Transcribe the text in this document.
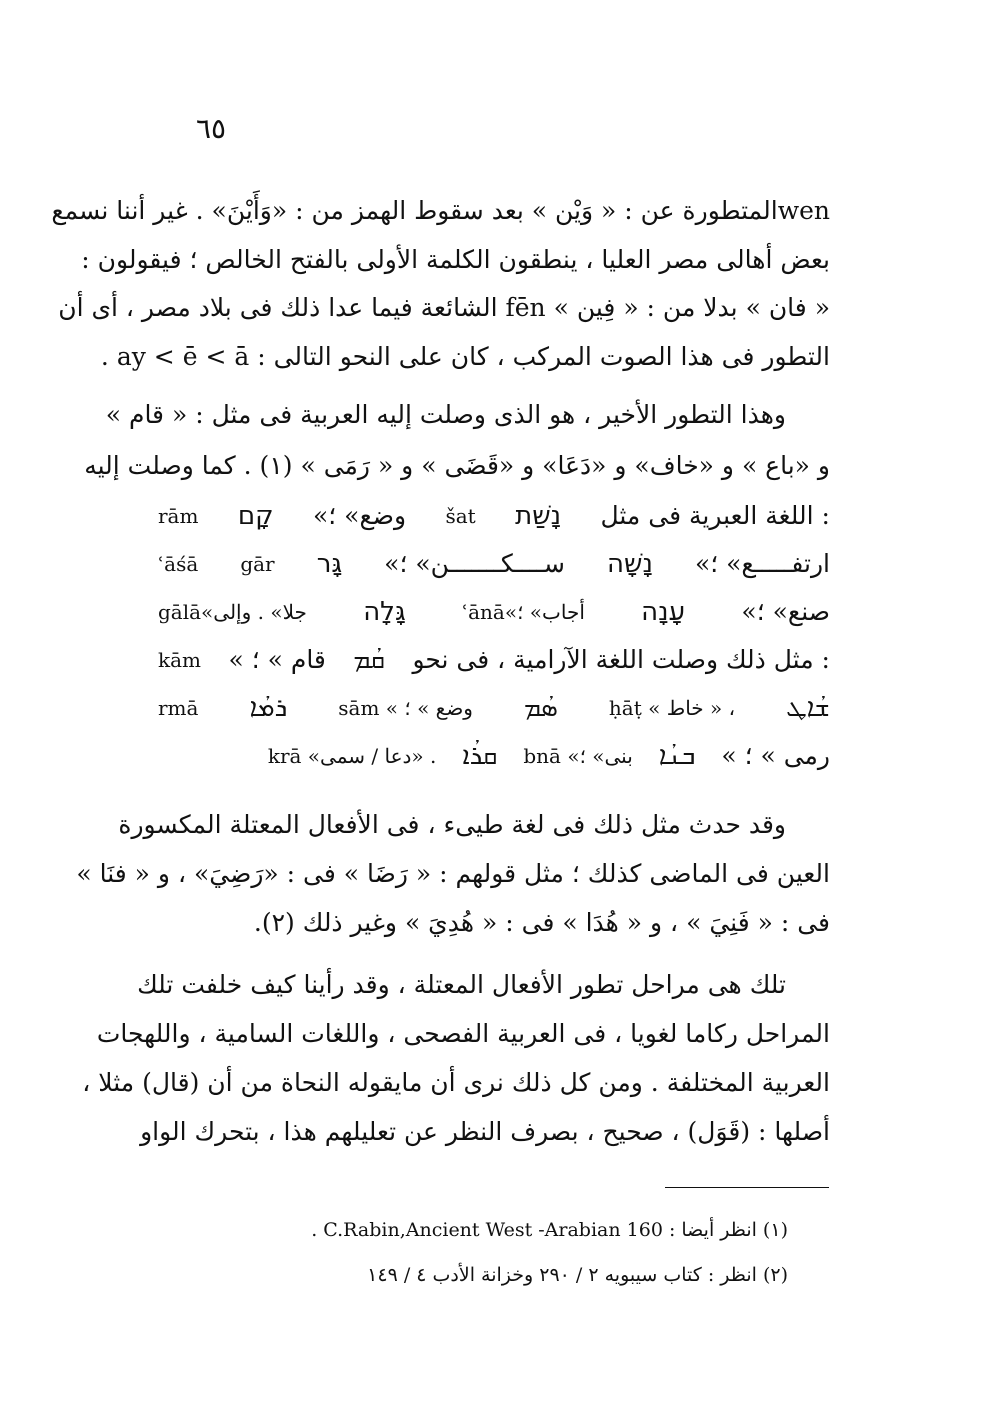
٦٥
wenالمتطورة عن : « وَيْن » بعد سقوط الهمز من : «وَأَيْنَ» . غير أننا نسمع
بعض أهالى مصر العليا ، ينطقون الكلمة الأولى بالفتح الخالص ؛ فيقولون :
« فان » بدلا من : « فِين » fēn الشائعة فيما عدا ذلك فى بلاد مصر ، أى أن
التطور فى هذا الصوت المركب ، كان على النحو التالى : ay < ē < ā .
وهذا التطور الأخير ، هو الذى وصلت إليه العربية فى مثل : « قام »
و «باع » و «خاف» و «دَعَا» و «قَضَى » و « رَمَى » (١) . كما وصلت إليه
اللغة العبرية فى مثل :
נָשַׁת
šat
«وضع» ؛
קָם
rām
«ارتفـــــع» ؛
נָשָׁה
«ســــكـــــــن» ؛
גָּר
gār
ʿāśā
«صنع» ؛
עָנָה
ʿānā«أجاب» ؛
גָּלָה
gālā«جلا» . وإلى
مثل ذلك وصلت اللغة الآرامية ، فى نحو :
ܩܳܡ
« قام » ؛
kām
ܫܳܐܛ
ḥāṭ « خاط » ،
ܣܳܡ
sām « وضع » ؛
ܪܡܳܐ
rmā
« رمى » ؛
ܒܢܳܐ
bnā «بنى» ؛
ܩܪܳܐ
krā «دعا / سمى» .
وقد حدث مثل ذلك فى لغة طيىء ، فى الأفعال المعتلة المكسورة
العين فى الماضى كذلك ؛ مثل قولهم : « رَضَا » فى : «رَضِيَ» ، و « فنَا »
فى : « فَنِيَ » ، و « هُدَا » فى : « هُدِيَ » وغير ذلك (٢).
تلك هى مراحل تطور الأفعال المعتلة ، وقد رأينا كيف خلفت تلك
المراحل ركاما لغويا ، فى العربية الفصحى ، واللغات السامية ، واللهجات
العربية المختلفة . ومن كل ذلك نرى أن مايقوله النحاة من أن (قال) مثلا ،
أصلها : (قَوَل) ، صحيح ، بصرف النظر عن تعليلهم هذا ، بتحرك الواو
(١) انظر أيضا : C.Rabin,Ancient West -Arabian 160 .
(٢) انظر : كتاب سيبويه ٢ / ٢٩٠ وخزانة الأدب ٤ / ١٤٩
